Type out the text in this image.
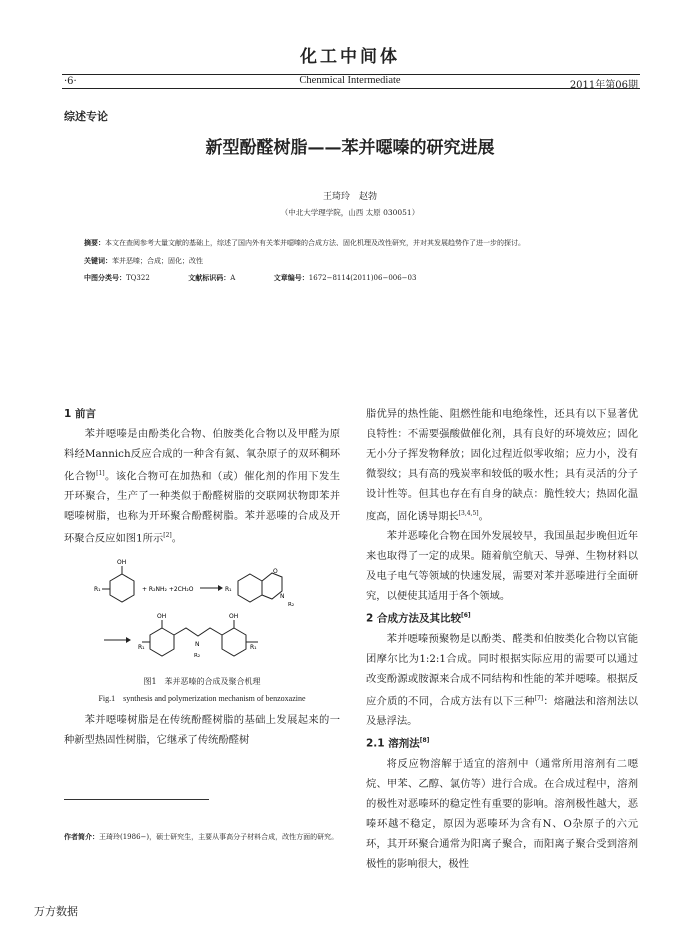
化工中间体
·6·	Chenmical Intermediate	2011年第06期
综述专论
新型酚醛树脂——苯并噁嗪的研究进展
王琦玲　赵勃
（中北大学理学院，山西 太原 030051）
摘要：本文在查阅参考大量文献的基础上，综述了国内外有关苯并噁嗪的合成方法、固化机理及改性研究，并对其发展趋势作了进一步的探讨。
关键词：苯并恶嗪；合成；固化；改性
中图分类号：TQ322	文献标识码：A	文章编号：1672−8114(2011)06−006−03
1 前言

苯并噁嗪是由酚类化合物、伯胺类化合物以及甲醛为原料经Mannich反应合成的一种含有氮、氧杂原子的双环稠环化合物[1]。该化合物可在加热和（或）催化剂的作用下发生开环聚合，生产了一种类似于酚醛树脂的交联网状物即苯并噁嗪树脂，也称为开环聚合酚醛树脂。苯并恶嗪的合成及开环聚合反应如图1所示[2]。

OH
R₁	+ R₂NH₂ +2CH₂O	R₁
O
N
R₂
R₁
OH
N
R₂
OH
R₁
图1　苯并恶嗪的合成及聚合机理
Fig.1　synthesis and polymerization mechanism of benzoxazine

苯并噁嗪树脂是在传统酚醛树脂的基础上发展起来的一种新型热固性树脂，它继承了传统酚醛树

作者简介：王琦玲(1986−)，硕士研究生，主要从事高分子材料合成，改性方面的研究。

脂优异的热性能、阻燃性能和电绝缘性，还具有以下显著优良特性：不需要强酸做催化剂，具有良好的环境效应；固化无小分子挥发物释放；固化过程近似零收缩；应力小，没有微裂纹；具有高的残炭率和较低的吸水性；具有灵活的分子设计性等。但其也存在有自身的缺点：脆性较大；热固化温度高，固化诱导期长[3,4,5]。

苯并恶嗪化合物在国外发展较早，我国虽起步晚但近年来也取得了一定的成果。随着航空航天、导弹、生物材料以及电子电气等领域的快速发展，需要对苯并恶嗪进行全面研究，以便使其适用于各个领域。

2 合成方法及其比较[6]

苯并噁嗪预聚物是以酚类、醛类和伯胺类化合物以官能团摩尔比为1:2:1合成。同时根据实际应用的需要可以通过改变酚源或胺源来合成不同结构和性能的苯并噁嗪。根据反应介质的不同，合成方法有以下三种[7]：熔融法和溶剂法以及悬浮法。

2.1 溶剂法[8]

将反应物溶解于适宜的溶剂中（通常所用溶剂有二噁烷、甲苯、乙醇、氯仿等）进行合成。在合成过程中，溶剂的极性对恶嗪环的稳定性有重要的影响。溶剂极性越大，恶嗪环越不稳定，原因为恶嗪环为含有N、O杂原子的六元环，其开环聚合通常为阳离子聚合，而阳离子聚合受到溶剂极性的影响很大，极性

万方数据
